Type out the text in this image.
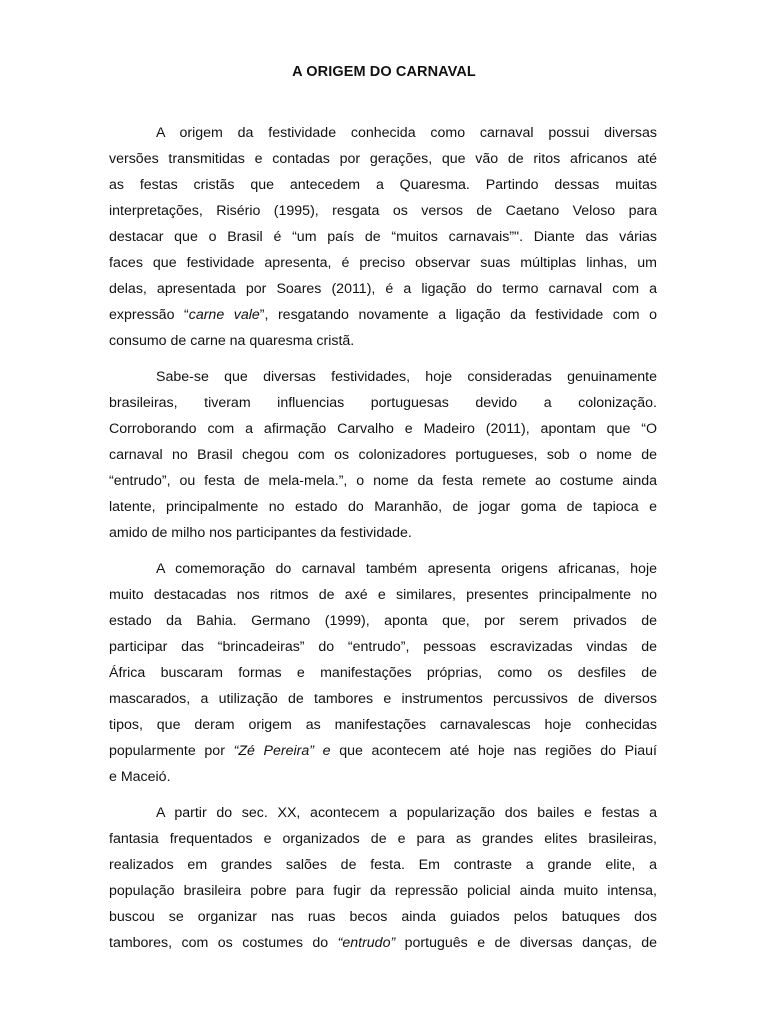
A ORIGEM DO CARNAVAL

A origem da festividade conhecida como carnaval possui diversas
versões transmitidas e contadas por gerações, que vão de ritos africanos até
as festas cristãs que antecedem a Quaresma. Partindo dessas muitas
interpretações, Risério (1995), resgata os versos de Caetano Veloso para
destacar que o Brasil é “um país de “muitos carnavais”". Diante das várias
faces que festividade apresenta, é preciso observar suas múltiplas linhas, um
delas, apresentada por Soares (2011), é a ligação do termo carnaval com a
expressão “carne vale”, resgatando novamente a ligação da festividade com o
consumo de carne na quaresma cristã.

Sabe-se que diversas festividades, hoje consideradas genuinamente
brasileiras, tiveram influencias portuguesas devido a colonização.
Corroborando com a afirmação Carvalho e Madeiro (2011), apontam que “O
carnaval no Brasil chegou com os colonizadores portugueses, sob o nome de
“entrudo”, ou festa de mela-mela.”, o nome da festa remete ao costume ainda
latente, principalmente no estado do Maranhão, de jogar goma de tapioca e
amido de milho nos participantes da festividade.

A comemoração do carnaval também apresenta origens africanas, hoje
muito destacadas nos ritmos de axé e similares, presentes principalmente no
estado da Bahia. Germano (1999), aponta que, por serem privados de
participar das “brincadeiras” do “entrudo”, pessoas escravizadas vindas de
África buscaram formas e manifestações próprias, como os desfiles de
mascarados, a utilização de tambores e instrumentos percussivos de diversos
tipos, que deram origem as manifestações carnavalescas hoje conhecidas
popularmente por “Zé Pereira” e que acontecem até hoje nas regiões do Piauí
e Maceió.

A partir do sec. XX, acontecem a popularização dos bailes e festas a
fantasia frequentados e organizados de e para as grandes elites brasileiras,
realizados em grandes salões de festa. Em contraste a grande elite, a
população brasileira pobre para fugir da repressão policial ainda muito intensa,
buscou se organizar nas ruas becos ainda guiados pelos batuques dos
tambores, com os costumes do “entrudo” português e de diversas danças, de
